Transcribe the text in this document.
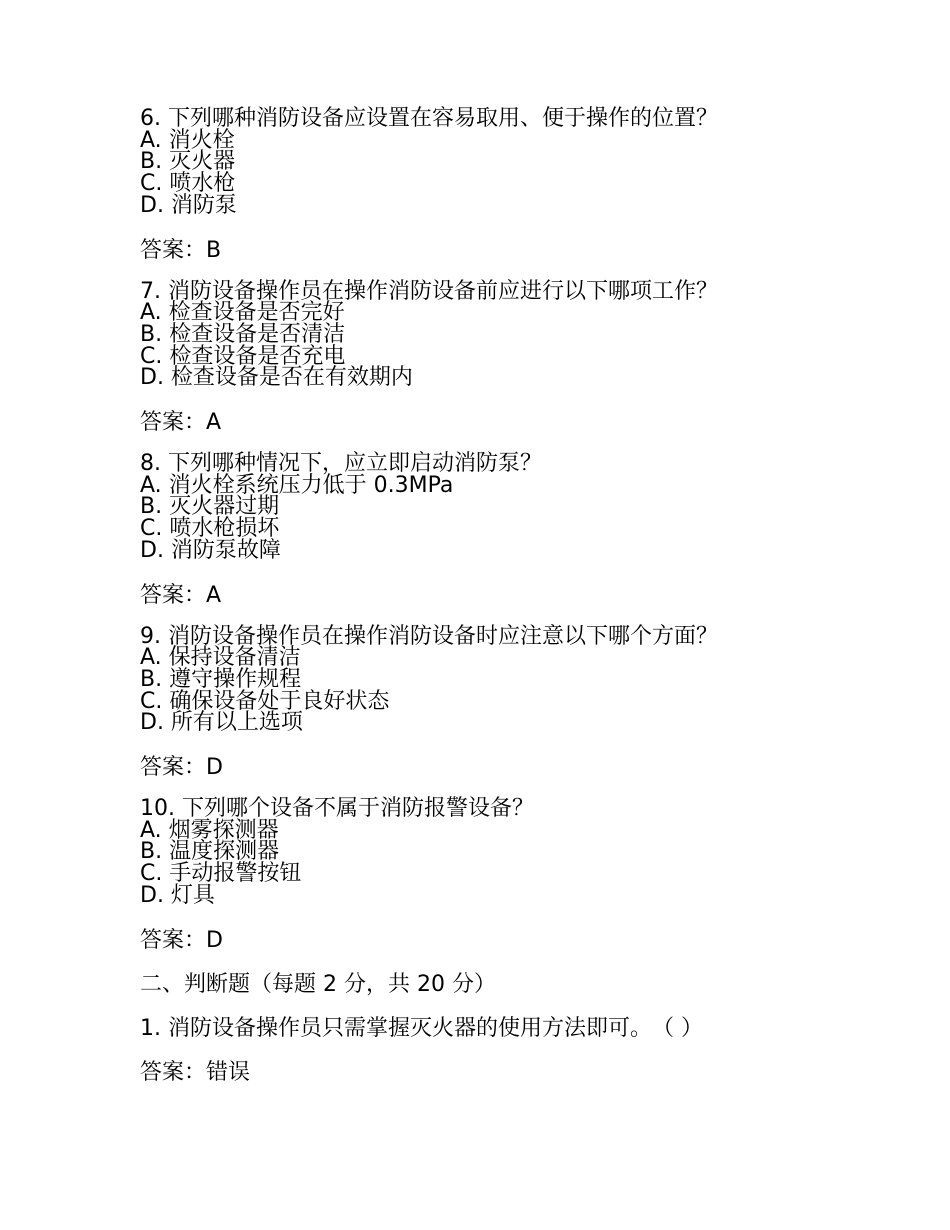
6. 下列哪种消防设备应设置在容易取用、便于操作的位置？
A. 消火栓
B. 灭火器
C. 喷水枪
D. 消防泵
答案：B
7. 消防设备操作员在操作消防设备前应进行以下哪项工作？
A. 检查设备是否完好
B. 检查设备是否清洁
C. 检查设备是否充电
D. 检查设备是否在有效期内
答案：A
8. 下列哪种情况下，应立即启动消防泵？
A. 消火栓系统压力低于 0.3MPa
B. 灭火器过期
C. 喷水枪损坏
D. 消防泵故障
答案：A
9. 消防设备操作员在操作消防设备时应注意以下哪个方面？
A. 保持设备清洁
B. 遵守操作规程
C. 确保设备处于良好状态
D. 所有以上选项
答案：D
10. 下列哪个设备不属于消防报警设备？
A. 烟雾探测器
B. 温度探测器
C. 手动报警按钮
D. 灯具
答案：D
二、判断题（每题 2 分，共 20 分）
1. 消防设备操作员只需掌握灭火器的使用方法即可。　（ ）
答案：错误
